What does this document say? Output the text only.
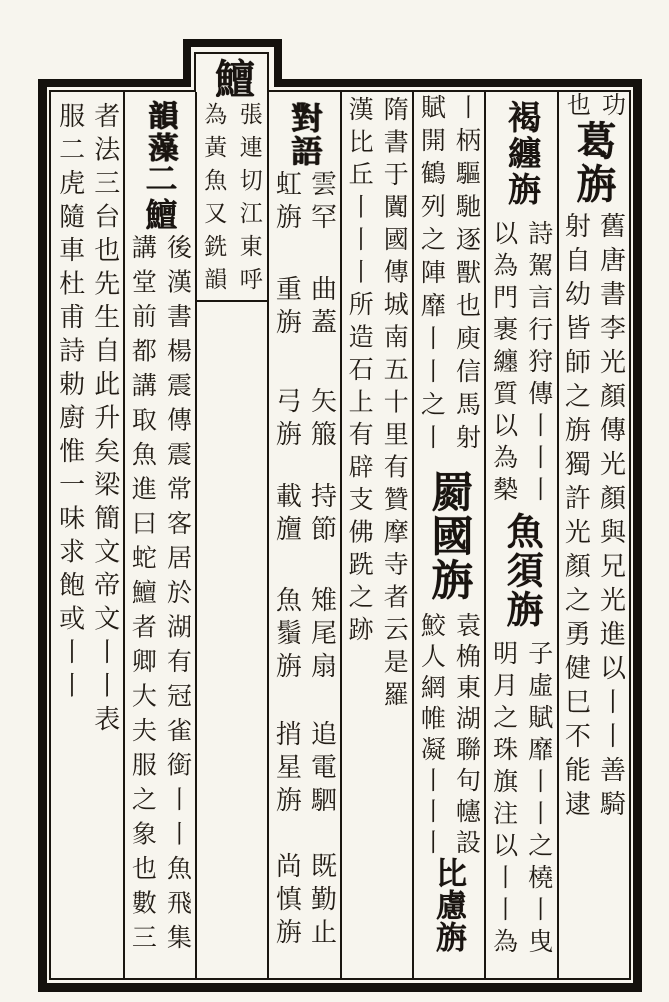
鱣
張連切江東呼
為黃魚又銑韻	功
也
葛旃
舊唐書李光顏傳光顏與兄光進以丨丨善騎
射自幼皆師之旃獨許光顏之勇健巳不能逮
褐纏旃
詩駕言行狩傳丨丨丨
以為門裹纏質以為槷
魚須旃
子虛賦靡丨丨之橈丨曳
明月之珠旗注以丨丨為
丨柄驅馳逐獸也庾信馬射
賦開鶴列之陣靡丨丨之丨
罽國旃
袁桷東湖聯句幰設
鮫人網帷凝丨丨丨
比慮旃
隋書于闐國傳城南五十里有贊摩寺者云是羅
漢比丘丨丨丨所造石上有辟支佛跣之跡
對語
雲罕
虹旃
曲蓋
重旃
矢箙
弓旃
持節
載旜
雉尾扇
魚鬚旃
追電駟
捎星旃
既勤止
尚慎旃
韻藻
二鱣
後漢書楊震傳震常客居於湖有冠雀銜丨丨魚飛集
講堂前都講取魚進曰蛇鱣者卿大夫服之象也數三
者法三台也先生自此升矣梁簡文帝文丨丨表
服二虎隨車杜甫詩勅廚惟一味求飽或丨丨
